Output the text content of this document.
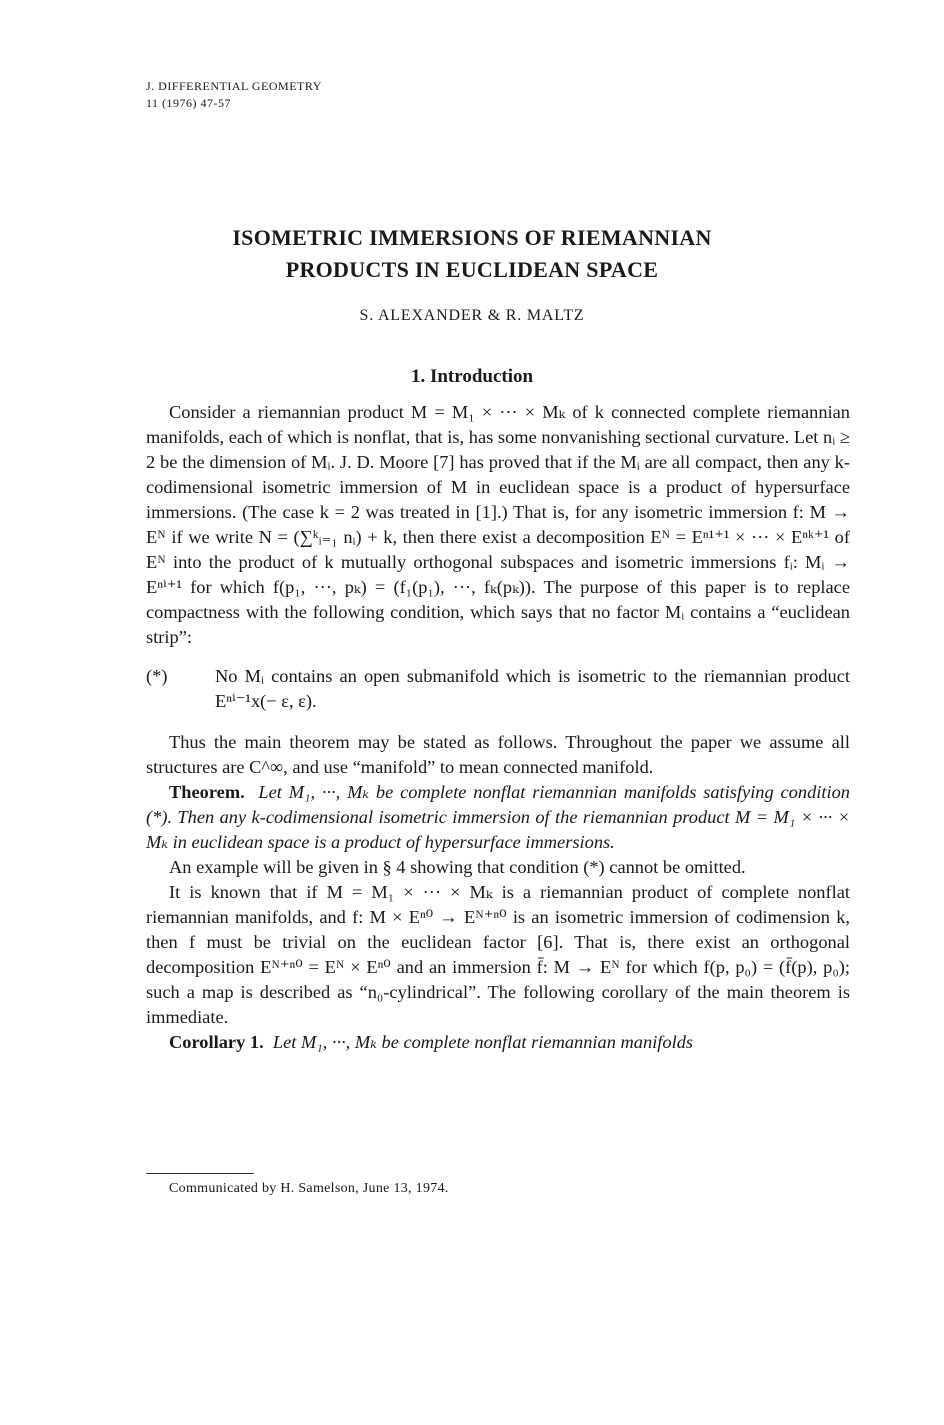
J. DIFFERENTIAL GEOMETRY
11 (1976) 47-57
ISOMETRIC IMMERSIONS OF RIEMANNIAN
PRODUCTS IN EUCLIDEAN SPACE
S. ALEXANDER & R. MALTZ
1. Introduction

Consider a riemannian product M = M₁ × ··· × Mₖ of k connected complete riemannian manifolds, each of which is nonflat, that is, has some nonvanishing sectional curvature. Let nᵢ ≥ 2 be the dimension of Mᵢ. J. D. Moore [7] has proved that if the Mᵢ are all compact, then any k-codimensional isometric immersion of M in euclidean space is a product of hypersurface immersions. (The case k = 2 was treated in [1].) That is, for any isometric immersion f: M → Eᴺ if we write N = (∑ᵏᵢ₌₁ nᵢ) + k, then there exist a decomposition Eᴺ = Eⁿ¹⁺¹ × ··· × Eⁿᵏ⁺¹ of Eᴺ into the product of k mutually orthogonal subspaces and isometric immersions fᵢ: Mᵢ → Eⁿⁱ⁺¹ for which f(p₁, ···, pₖ) = (f₁(p₁), ···, fₖ(pₖ)). The purpose of this paper is to replace compactness with the following condition, which says that no factor Mᵢ contains a “euclidean strip”:

(*)	No Mᵢ contains an open submanifold which is isometric to the riemannian product Eⁿⁱ⁻¹x(− ε, ε).

Thus the main theorem may be stated as follows. Throughout the paper we assume all structures are C^∞, and use “manifold” to mean connected manifold.

Theorem. Let M₁, ···, Mₖ be complete nonflat riemannian manifolds satisfying condition (*). Then any k-codimensional isometric immersion of the riemannian product M = M₁ × ··· × Mₖ in euclidean space is a product of hypersurface immersions.

An example will be given in § 4 showing that condition (*) cannot be omitted.

It is known that if M = M₁ × ··· × Mₖ is a riemannian product of complete nonflat riemannian manifolds, and f: M × Eⁿ⁰ → Eᴺ⁺ⁿ⁰ is an isometric immersion of codimension k, then f must be trivial on the euclidean factor [6]. That is, there exist an orthogonal decomposition Eᴺ⁺ⁿ⁰ = Eᴺ × Eⁿ⁰ and an immersion f̄: M → Eᴺ for which f(p, p₀) = (f̄(p), p₀); such a map is described as “n₀-cylindrical”. The following corollary of the main theorem is immediate.

Corollary 1. Let M₁, ···, Mₖ be complete nonflat riemannian manifolds

Communicated by H. Samelson, June 13, 1974.
